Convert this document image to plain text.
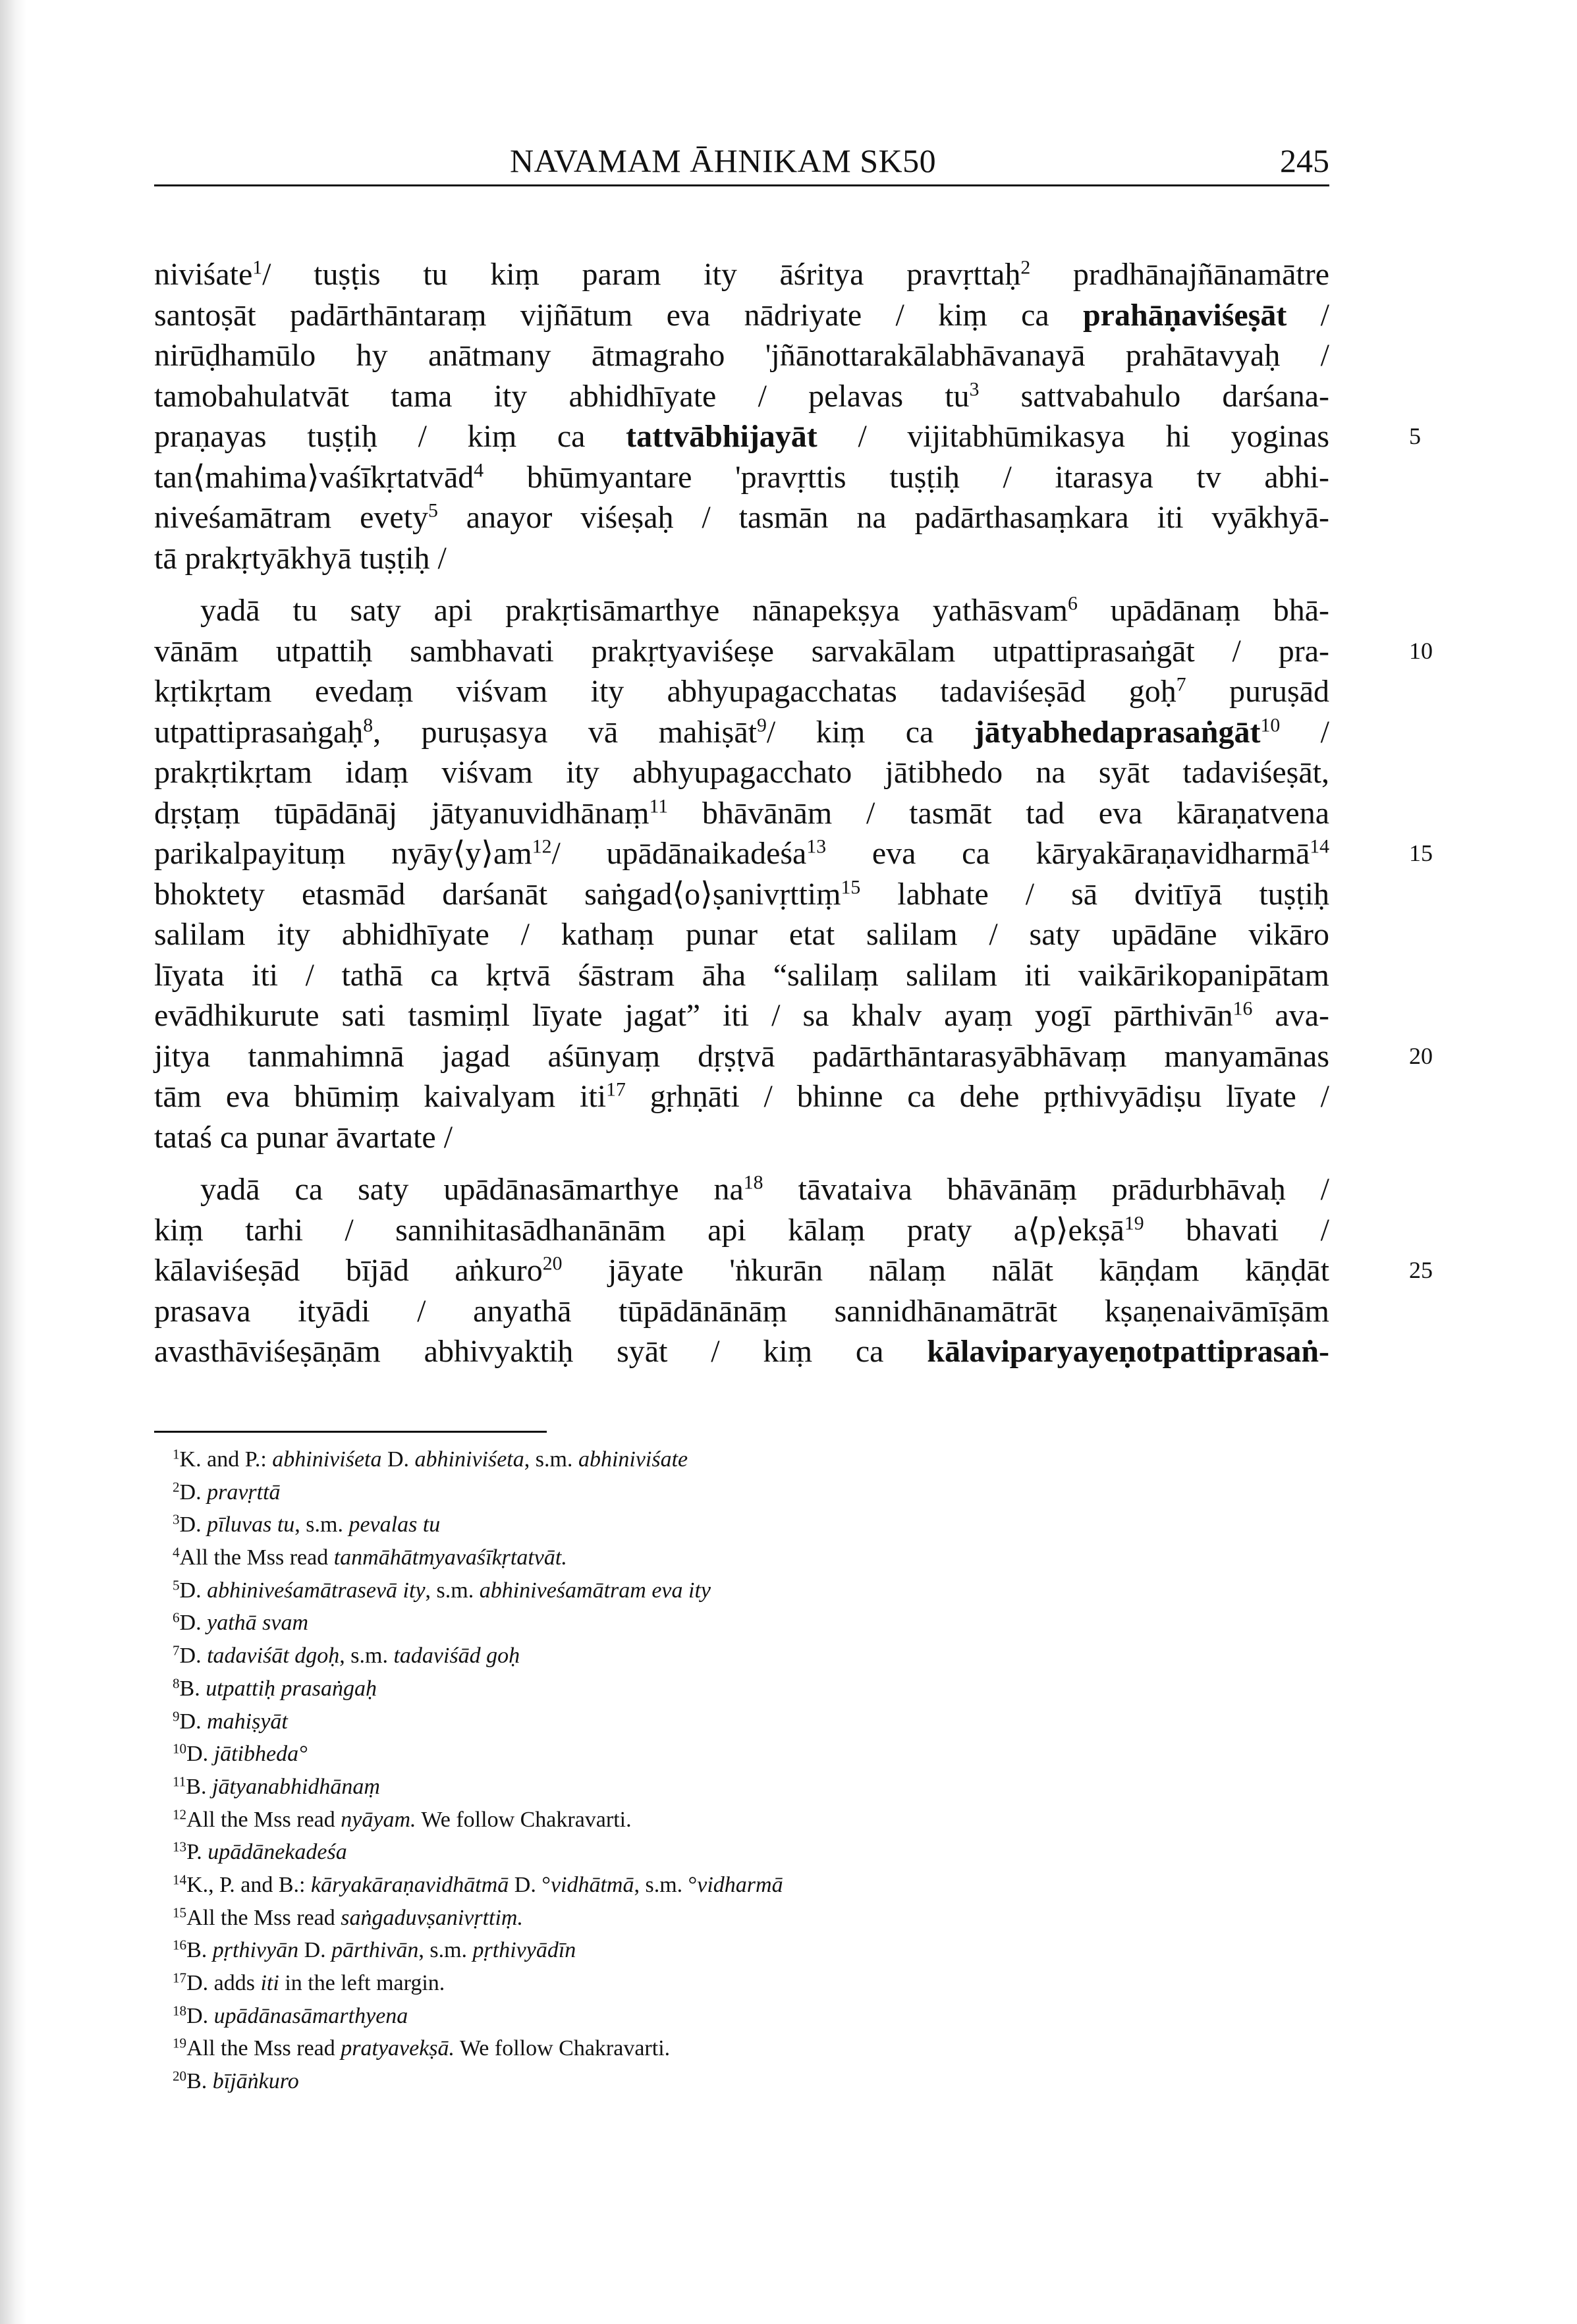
NAVAMAM ĀHNIKAM SK50	245
niviśate$^1$/ tuṣṭis tu kiṃ param ity āśritya pravṛttaḥ$^2$ pradhānajñānamātre
santoṣāt padārthāntaraṃ vijñātum eva nādriyate / kiṃ ca prahāṇaviśeṣāt /
nirūḍhamūlo hy anātmany ātmagraho 'jñānottarakālabhāvanayā prahātavyaḥ /
tamobahulatvāt tama ity abhidhīyate / pelavas $tu^3$ sattvabahulo darśana-
praṇayas tuṣṭiḥ / kiṃ ca tattvābhijayāt / vijitabhūmikasya hi yoginas	5
tan⟨mahima⟩vaśīkṛtatvād$^4$ bhūmyantare 'pravṛttis tuṣṭiḥ / itarasya tv abhi-
niveśamātram evety$^5$ anayor viśeṣaḥ / tasmān na padārthasaṃkara iti vyākhyā-
tā prakṛtyākhyā tuṣṭiḥ /
yadā tu saty api prakṛtisāmarthye nānapekṣya yathāsvam$^6$ upādānaṃ bhā-
vānām utpattiḥ sambhavati prakṛtyaviśeṣe sarvakālam utpattiprasaṅgāt / pra-	10
kṛtikṛtam evedaṃ viśvam ity abhyupagacchatas tadaviśeṣād goḥ$^7$ puruṣād
utpattiprasaṅgaḥ$^8$, puruṣasya vā mahiṣāt$^9$/ kiṃ ca jātyabhedaprasaṅgāt$^{10}$ /
prakṛtikṛtam idaṃ viśvam ity abhyupagacchato jātibhedo na syāt tadaviśeṣāt,
dṛṣṭaṃ tūpādānāj jātyanuvidhānaṃ$^{11}$ bhāvānām / tasmāt tad eva kāraṇatvena
parikalpayituṃ $nyāy⟨y⟩am^{12}/$ upādānaikadeśa$^{13}$ eva ca kāryakāraṇavidharmā$^{14}$	15
bhoktety etasmād darśanāt saṅgad⟨o⟩ṣanivṛttiṃ$^{15}$ labhate / sā dvitīyā tuṣṭiḥ
salilam ity abhidhīyate / kathaṃ punar etat salilam / saty upādāne vikāro
līyata iti / tathā ca kṛtvā śāstram āha “salilaṃ salilam iti vaikārikopanipātam
evādhikurute sati tasmiṃl līyate jagat” iti / sa khalv ayaṃ yogī pārthivān$^{16}$ ava-
jitya tanmahimnā jagad aśūnyaṃ dṛṣṭvā padārthāntarasyābhāvaṃ manyamānas	20
tām eva bhūmiṃ kaivalyam iti$^{17}$ gṛhṇāti / bhinne ca dehe pṛthivyādiṣu līyate /
tataś ca punar āvartate /
yadā ca saty upādānasāmarthye $na^{18}$ tāvataiva bhāvānāṃ prādurbhāvaḥ /
kiṃ tarhi / sannihitasādhanānām api kālaṃ praty a⟨p⟩ekṣā$^{19}$ bhavati /
kālaviśeṣād bījād aṅkuro$^{20}$ jāyate 'ṅkurān nālaṃ nālāt kāṇḍam kāṇḍāt	25
prasava ityādi / anyathā tūpādānānāṃ sannidhānamātrāt kṣaṇenaivāmīṣām
avasthāviśeṣāṇām abhivyaktiḥ syāt / kiṃ ca kālaviparyayeṇotpattiprasaṅ-
$^1$K. and P.: abhiniviśeta D. abhiniviśeta, s.m. abhiniviśate
$^2$D. pravṛttā
$^3$D. pīluvas tu, s.m. pevalas tu
$^4$All the Mss read tanmāhātmyavaśīkṛtatvāt.
$^5$D. abhiniveśamātrasevā ity, s.m. abhiniveśamātram eva ity
$^6$D. yathā svam
$^7$D. tadaviśāt dgoḥ, s.m. tadaviśād goḥ
$^8$B. utpattiḥ prasaṅgaḥ
$^9$D. mahiṣyāt
$^{10}$D. jātibheda°
$^{11}$B. jātyanabhidhānaṃ
$^{12}$All the Mss read nyāyam. We follow Chakravarti.
$^{13}$P. upādānekadeśa
$^{14}$K., P. and B.: kāryakāraṇavidhātmā D. °vidhātmā, s.m. °vidharmā
$^{15}$All the Mss read saṅgaduvṣanivṛttiṃ.
$^{16}$B. pṛthivyān D. pārthivān, s.m. pṛthivyādīn
$^{17}$D. adds iti in the left margin.
$^{18}$D. upādānasāmarthyena
$^{19}$All the Mss read pratyavekṣā. We follow Chakravarti.
$^{20}$B. bījāṅkuro
